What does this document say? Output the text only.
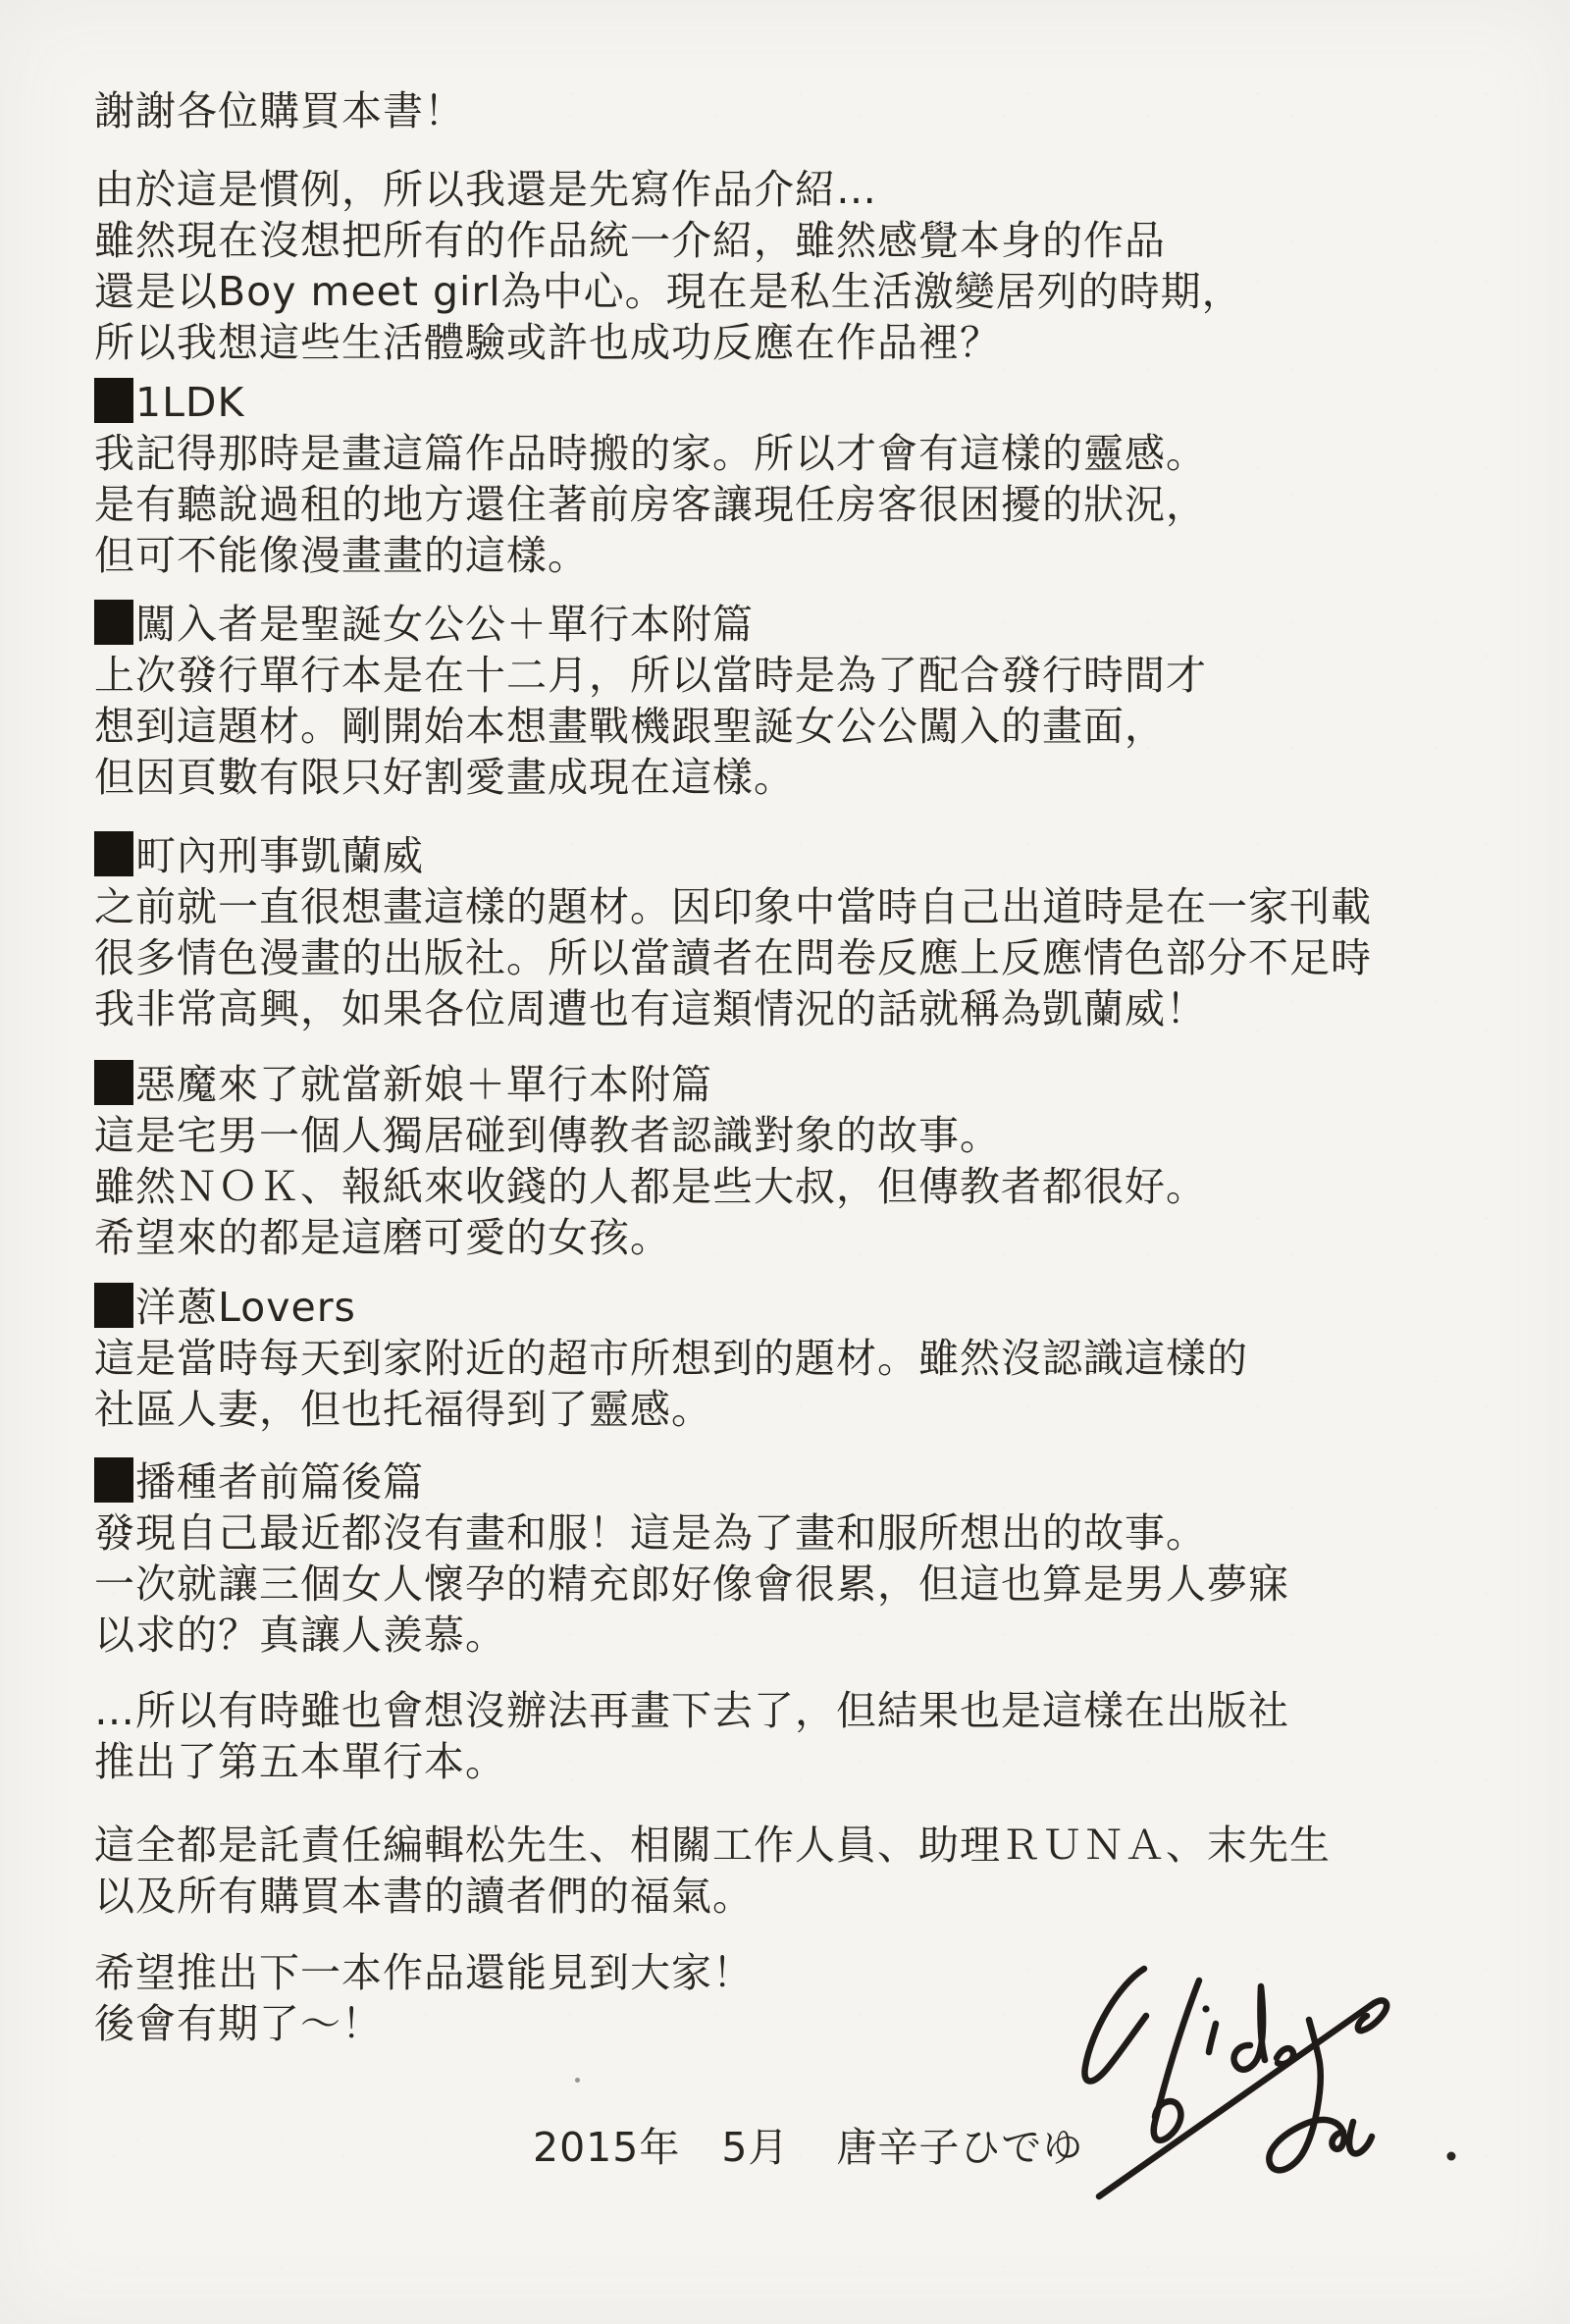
謝謝各位購買本書！
由於這是慣例，所以我還是先寫作品介紹…
雖然現在沒想把所有的作品統一介紹，雖然感覺本身的作品
還是以Boy meet girl為中心。現在是私生活激變居列的時期，
所以我想這些生活體驗或許也成功反應在作品裡？
1LDK
我記得那時是畫這篇作品時搬的家。所以才會有這樣的靈感。
是有聽說過租的地方還住著前房客讓現任房客很困擾的狀況，
但可不能像漫畫畫的這樣。
闖入者是聖誕女公公＋單行本附篇
上次發行單行本是在十二月，所以當時是為了配合發行時間才
想到這題材。剛開始本想畫戰機跟聖誕女公公闖入的畫面，
但因頁數有限只好割愛畫成現在這樣。
町內刑事凱蘭威
之前就一直很想畫這樣的題材。因印象中當時自己出道時是在一家刊載
很多情色漫畫的出版社。所以當讀者在問卷反應上反應情色部分不足時
我非常高興，如果各位周遭也有這類情況的話就稱為凱蘭威！
惡魔來了就當新娘＋單行本附篇
這是宅男一個人獨居碰到傳教者認識對象的故事。
雖然ＮＯＫ、報紙來收錢的人都是些大叔，但傳教者都很好。
希望來的都是這磨可愛的女孩。
洋蔥Lovers
這是當時每天到家附近的超市所想到的題材。雖然沒認識這樣的
社區人妻，但也托福得到了靈感。
播種者前篇後篇
發現自己最近都沒有畫和服！這是為了畫和服所想出的故事。
一次就讓三個女人懷孕的精充郎好像會很累，但這也算是男人夢寐
以求的？真讓人羨慕。
…所以有時雖也會想沒辦法再畫下去了，但結果也是這樣在出版社
推出了第五本單行本。
這全都是託責任編輯松先生、相關工作人員、助理ＲＵＮＡ、末先生
以及所有購買本書的讀者們的福氣。
希望推出下一本作品還能見到大家！
後會有期了～！
2015年　5月 唐辛子ひでゆ
